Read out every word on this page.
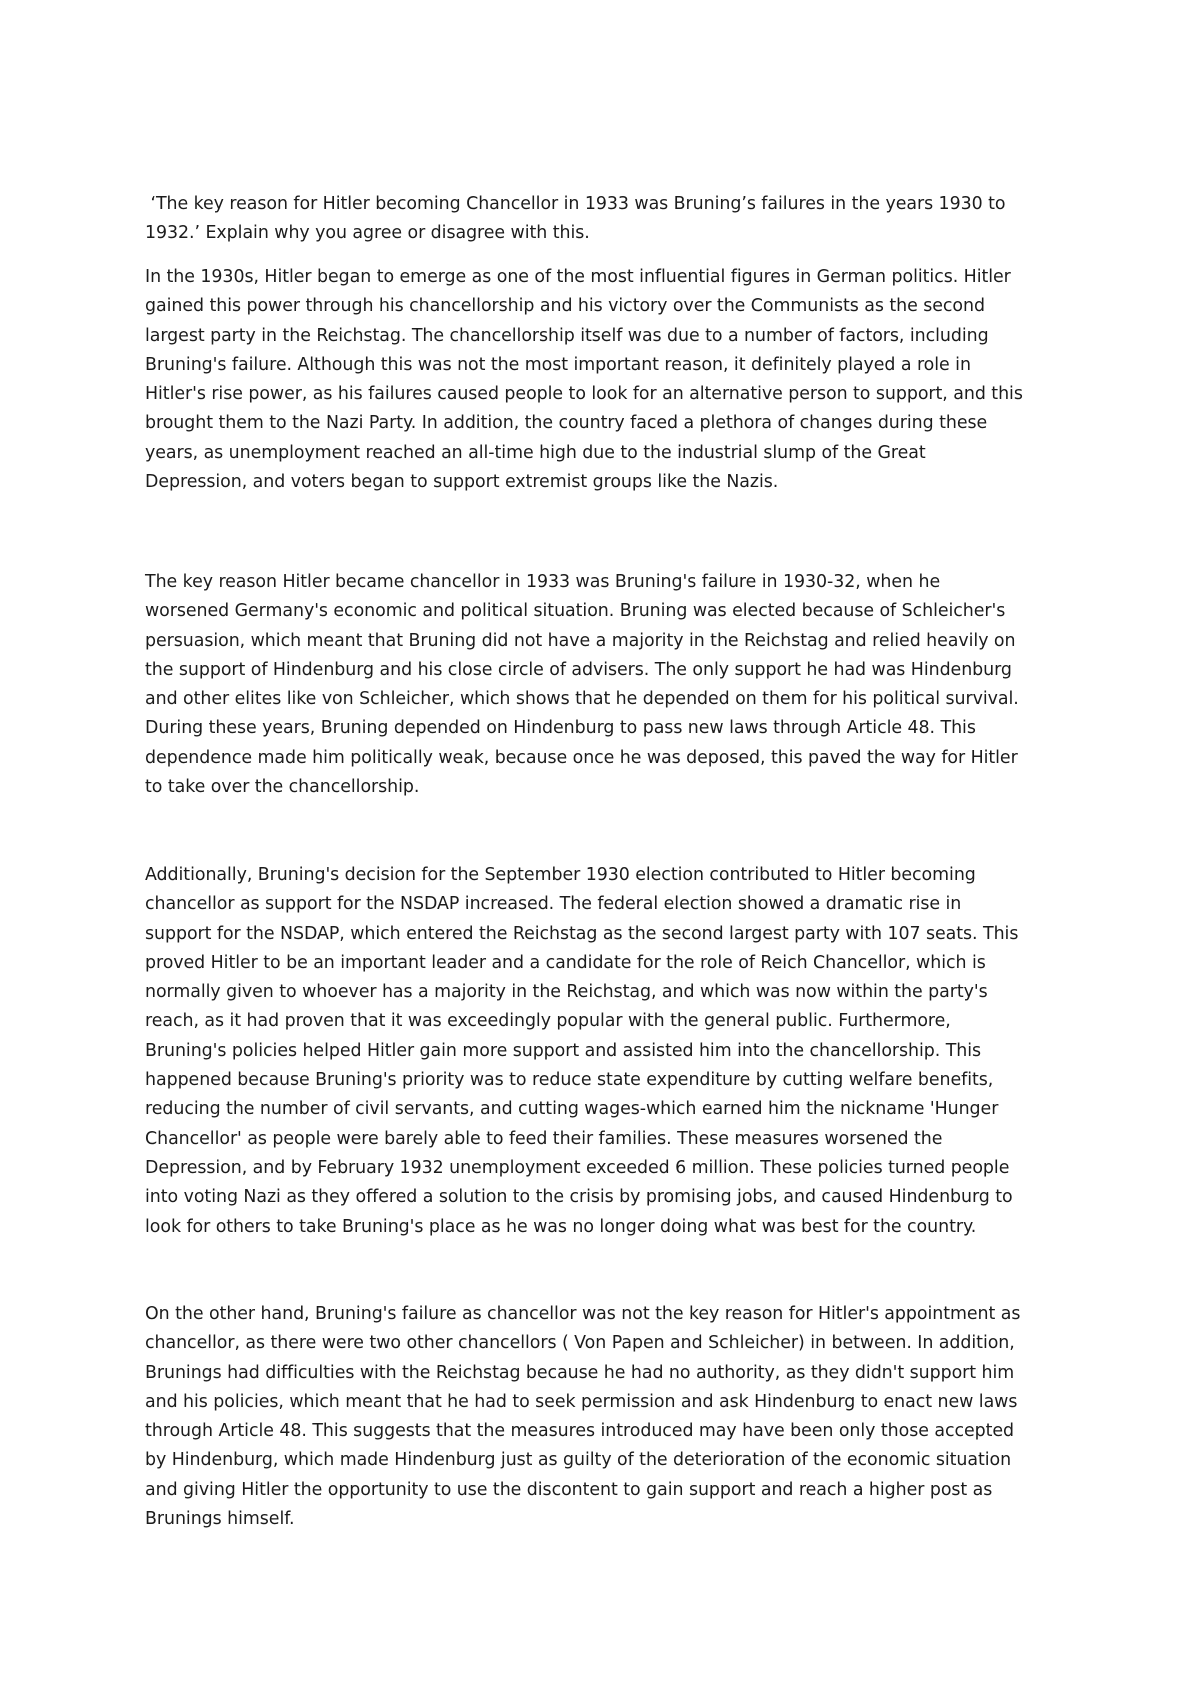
‘The key reason for Hitler becoming Chancellor in 1933 was Bruning’s failures in the years 1930 to
1932.’ Explain why you agree or disagree with this.

In the 1930s, Hitler began to emerge as one of the most influential figures in German politics. Hitler
gained this power through his chancellorship and his victory over the Communists as the second
largest party in the Reichstag. The chancellorship itself was due to a number of factors, including
Bruning's failure. Although this was not the most important reason, it definitely played a role in
Hitler's rise power, as his failures caused people to look for an alternative person to support, and this
brought them to the Nazi Party. In addition, the country faced a plethora of changes during these
years, as unemployment reached an all-time high due to the industrial slump of the Great
Depression, and voters began to support extremist groups like the Nazis.

The key reason Hitler became chancellor in 1933 was Bruning's failure in 1930-32, when he
worsened Germany's economic and political situation. Bruning was elected because of Schleicher's
persuasion, which meant that Bruning did not have a majority in the Reichstag and relied heavily on
the support of Hindenburg and his close circle of advisers. The only support he had was Hindenburg
and other elites like von Schleicher, which shows that he depended on them for his political survival.
During these years, Bruning depended on Hindenburg to pass new laws through Article 48. This
dependence made him politically weak, because once he was deposed, this paved the way for Hitler
to take over the chancellorship.

Additionally, Bruning's decision for the September 1930 election contributed to Hitler becoming
chancellor as support for the NSDAP increased. The federal election showed a dramatic rise in
support for the NSDAP, which entered the Reichstag as the second largest party with 107 seats. This
proved Hitler to be an important leader and a candidate for the role of Reich Chancellor, which is
normally given to whoever has a majority in the Reichstag, and which was now within the party's
reach, as it had proven that it was exceedingly popular with the general public. Furthermore,
Bruning's policies helped Hitler gain more support and assisted him into the chancellorship. This
happened because Bruning's priority was to reduce state expenditure by cutting welfare benefits,
reducing the number of civil servants, and cutting wages-which earned him the nickname 'Hunger
Chancellor' as people were barely able to feed their families. These measures worsened the
Depression, and by February 1932 unemployment exceeded 6 million. These policies turned people
into voting Nazi as they offered a solution to the crisis by promising jobs, and caused Hindenburg to
look for others to take Bruning's place as he was no longer doing what was best for the country.

On the other hand, Bruning's failure as chancellor was not the key reason for Hitler's appointment as
chancellor, as there were two other chancellors ( Von Papen and Schleicher) in between. In addition,
Brunings had difficulties with the Reichstag because he had no authority, as they didn't support him
and his policies, which meant that he had to seek permission and ask Hindenburg to enact new laws
through Article 48. This suggests that the measures introduced may have been only those accepted
by Hindenburg, which made Hindenburg just as guilty of the deterioration of the economic situation
and giving Hitler the opportunity to use the discontent to gain support and reach a higher post as
Brunings himself.
